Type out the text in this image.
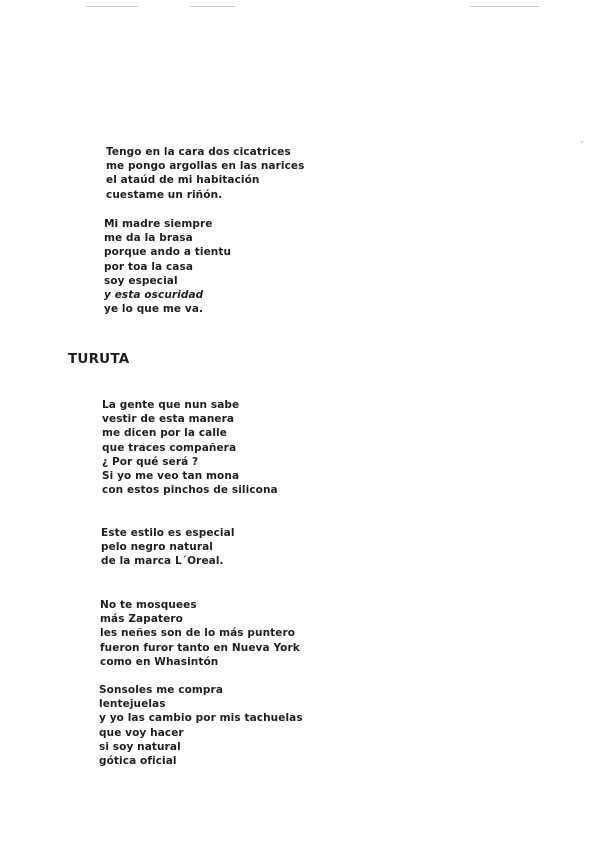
Tengo en la cara dos cicatrices
me pongo argollas en las narices
el ataúd de mi habitación
cuestame un riñón.
Mi madre siempre
me da la brasa
porque ando a tientu
por toa la casa
soy especial
y esta oscuridad
ye lo que me va.
TURUTA
La gente que nun sabe
vestir de esta manera
me dicen por la calle
que traces compañera
¿ Por qué será ?
Si yo me veo tan mona
con estos pinchos de silicona
Este estilo es especial
pelo negro natural
de la marca L´Oreal.
No te mosquees
más Zapatero
les neñes son de lo más puntero
fueron furor tanto en Nueva York
como en Whasintón
Sonsoles me compra
lentejuelas
y yo las cambio por mis tachuelas
que voy hacer
si soy natural
gótica oficial
